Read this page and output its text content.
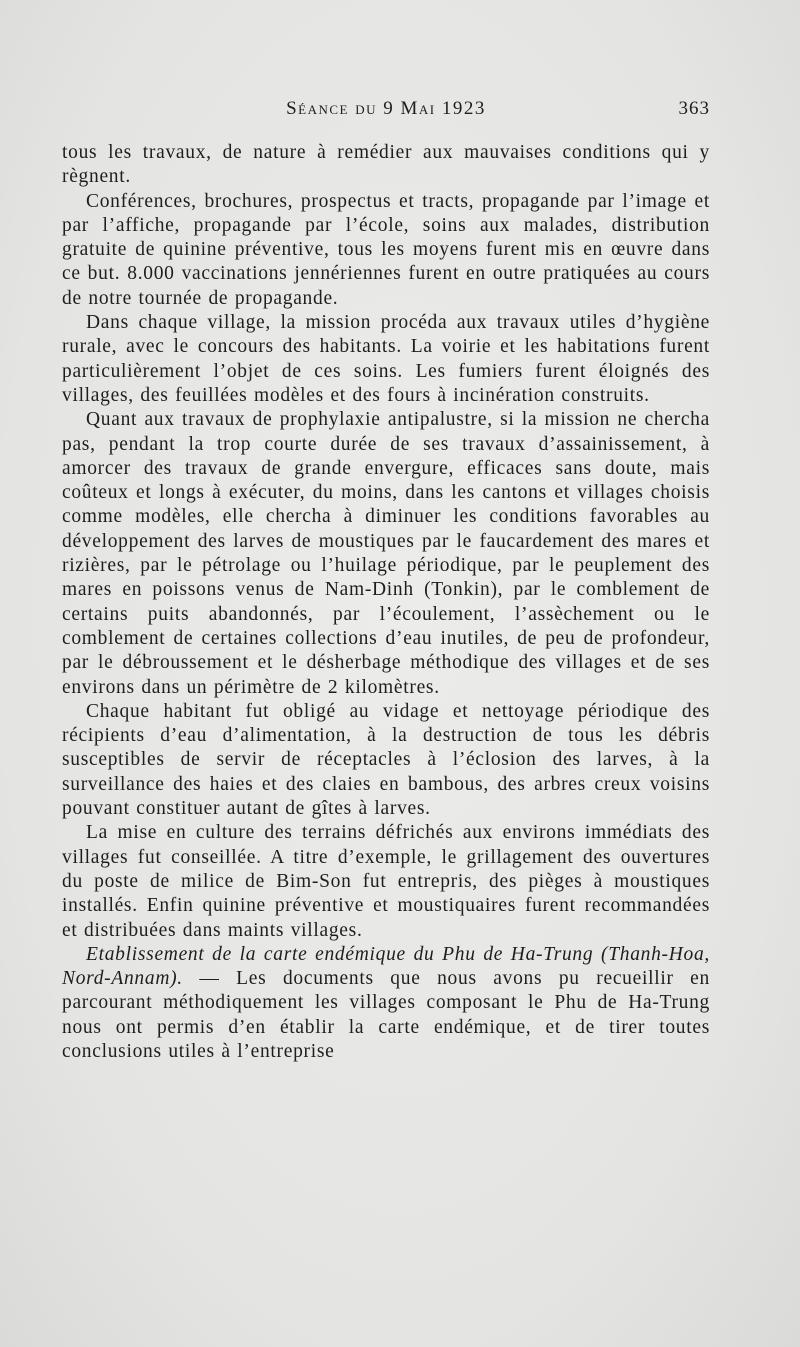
Séance du 9 Mai 1923	363

tous les travaux, de nature à remédier aux mauvaises conditions qui y règnent.

Conférences, brochures, prospectus et tracts, propagande par l’image et par l’affiche, propagande par l’école, soins aux malades, distribution gratuite de quinine préventive, tous les moyens furent mis en œuvre dans ce but. 8.000 vaccinations jennériennes furent en outre pratiquées au cours de notre tournée de propagande.

Dans chaque village, la mission procéda aux travaux utiles d’hygiène rurale, avec le concours des habitants. La voirie et les habitations furent particulièrement l’objet de ces soins. Les fumiers furent éloignés des villages, des feuillées modèles et des fours à incinération construits.

Quant aux travaux de prophylaxie antipalustre, si la mission ne chercha pas, pendant la trop courte durée de ses travaux d’assainissement, à amorcer des travaux de grande envergure, efficaces sans doute, mais coûteux et longs à exécuter, du moins, dans les cantons et villages choisis comme modèles, elle chercha à diminuer les conditions favorables au développement des larves de moustiques par le faucardement des mares et rizières, par le pétrolage ou l’huilage périodique, par le peuplement des mares en poissons venus de Nam-Dinh (Tonkin), par le comblement de certains puits abandonnés, par l’écoulement, l’assèchement ou le comblement de certaines collections d’eau inutiles, de peu de profondeur, par le débroussement et le désherbage méthodique des villages et de ses environs dans un périmètre de 2 kilomètres.

Chaque habitant fut obligé au vidage et nettoyage périodique des récipients d’eau d’alimentation, à la destruction de tous les débris susceptibles de servir de réceptacles à l’éclosion des larves, à la surveillance des haies et des claies en bambous, des arbres creux voisins pouvant constituer autant de gîtes à larves.

La mise en culture des terrains défrichés aux environs immédiats des villages fut conseillée. A titre d’exemple, le grillagement des ouvertures du poste de milice de Bim-Son fut entrepris, des pièges à moustiques installés. Enfin quinine préventive et moustiquaires furent recommandées et distribuées dans maints villages.

Etablissement de la carte endémique du Phu de Ha-Trung (Thanh-Hoa, Nord-Annam). — Les documents que nous avons pu recueillir en parcourant méthodiquement les villages composant le Phu de Ha-Trung nous ont permis d’en établir la carte endémique, et de tirer toutes conclusions utiles à l’entreprise
